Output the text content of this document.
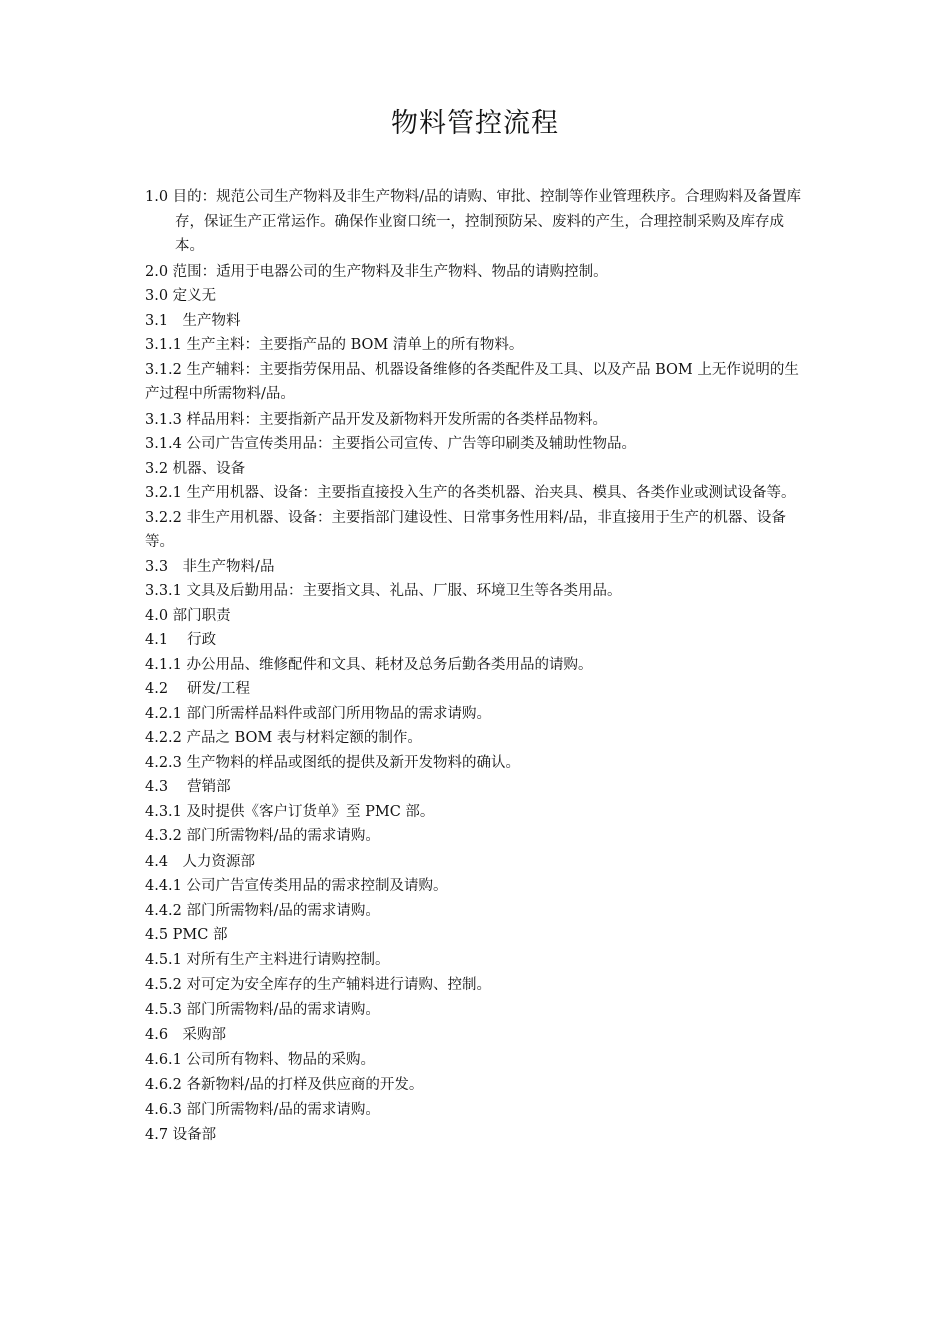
物料管控流程

1.0 目的：规范公司生产物料及非生产物料/品的请购、审批、控制等作业管理秩序。合理购料及备置库存，保证生产正常运作。确保作业窗口统一，控制预防呆、废料的产生，合理控制采购及库存成本。

2.0 范围：适用于电器公司的生产物料及非生产物料、物品的请购控制。

3.0 定义无

3.1　生产物料

3.1.1 生产主料：主要指产品的 BOM 清单上的所有物料。

3.1.2 生产辅料：主要指劳保用品、机器设备维修的各类配件及工具、以及产品 BOM 上无作说明的生产过程中所需物料/品。

3.1.3 样品用料：主要指新产品开发及新物料开发所需的各类样品物料。

3.1.4 公司广告宣传类用品：主要指公司宣传、广告等印刷类及辅助性物品。

3.2 机器、设备

3.2.1 生产用机器、设备：主要指直接投入生产的各类机器、治夹具、模具、各类作业或测试设备等。

3.2.2 非生产用机器、设备：主要指部门建设性、日常事务性用料/品，非直接用于生产的机器、设备等。

3.3　非生产物料/品

3.3.1 文具及后勤用品：主要指文具、礼品、厂服、环境卫生等各类用品。

4.0 部门职责

4.1　 行政

4.1.1 办公用品、维修配件和文具、耗材及总务后勤各类用品的请购。

4.2　 研发/工程

4.2.1 部门所需样品料件或部门所用物品的需求请购。

4.2.2 产品之 BOM 表与材料定额的制作。

4.2.3 生产物料的样品或图纸的提供及新开发物料的确认。

4.3　 营销部

4.3.1 及时提供《客户订货单》至 PMC 部。

4.3.2 部门所需物料/品的需求请购。

4.4　人力资源部

4.4.1 公司广告宣传类用品的需求控制及请购。

4.4.2 部门所需物料/品的需求请购。

4.5 PMC 部

4.5.1 对所有生产主料进行请购控制。

4.5.2 对可定为安全库存的生产辅料进行请购、控制。

4.5.3 部门所需物料/品的需求请购。

4.6　采购部

4.6.1 公司所有物料、物品的采购。

4.6.2 各新物料/品的打样及供应商的开发。

4.6.3 部门所需物料/品的需求请购。

4.7 设备部
